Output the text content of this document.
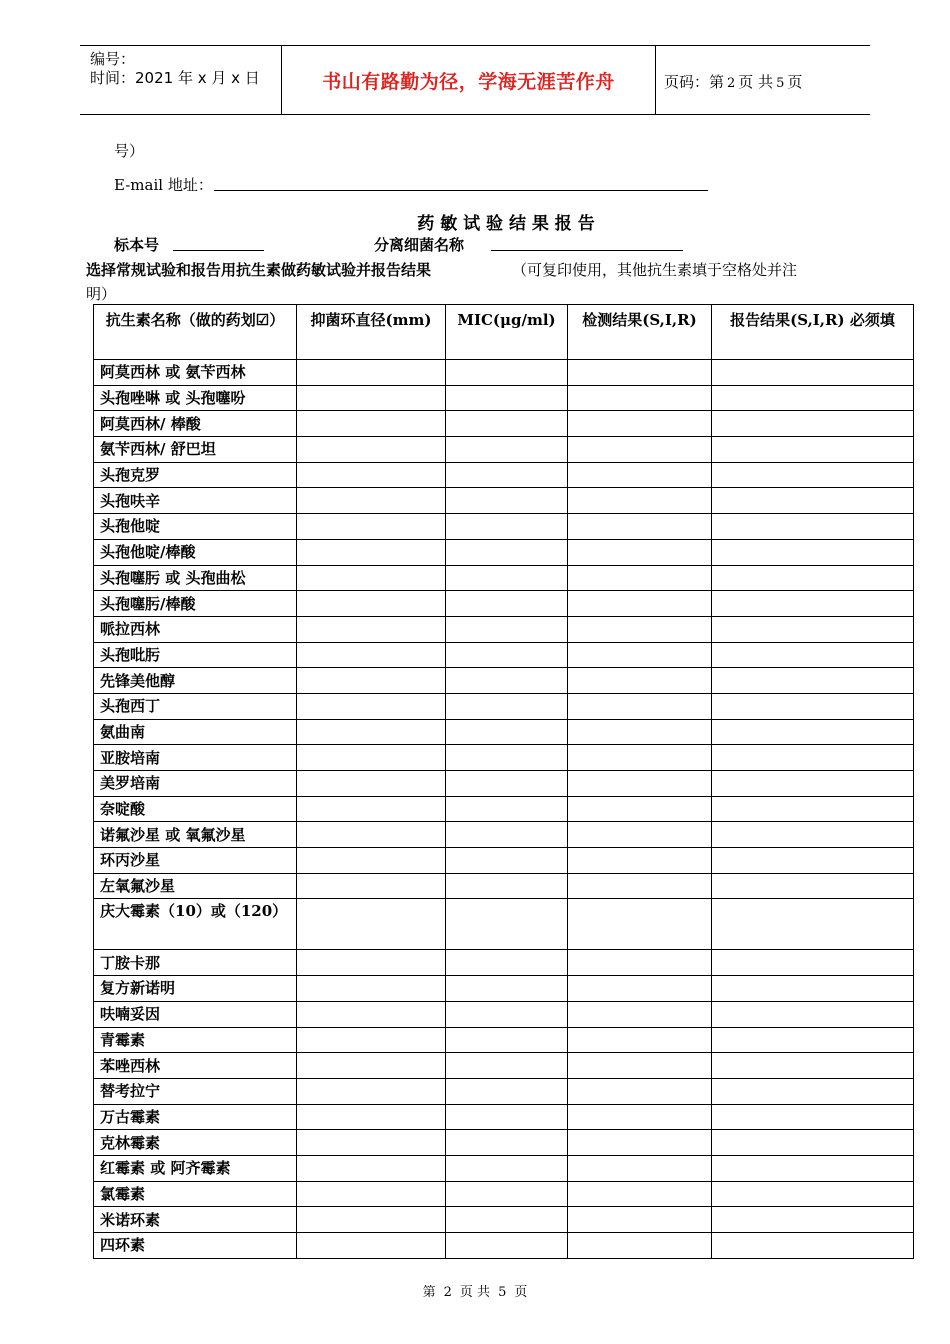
编号：
时间：2021 年 x 月 x 日	书山有路勤为径，学海无涯苦作舟	页码：第 2 页 共 5 页
号）
E-mail 地址：
药 敏 试 验 结 果 报 告
标本号	分离细菌名称
选择常规试验和报告用抗生素做药敏试验并报告结果	（可复印使用，其他抗生素填于空格处并注
明）
抗生素名称（做的药划☑）	抑菌环直径(mm)	MIC(μg/ml)	检测结果(S,I,R)	报告结果(S,I,R) 必须填
阿莫西林 或 氨苄西林				
头孢唑啉 或 头孢噻吩				
阿莫西林/ 棒酸				
氨苄西林/ 舒巴坦				
头孢克罗				
头孢呋辛				
头孢他啶				
头孢他啶/棒酸				
头孢噻肟 或 头孢曲松				
头孢噻肟/棒酸				
哌拉西林				
头孢吡肟				
先锋美他醇				
头孢西丁				
氨曲南				
亚胺培南				
美罗培南				
奈啶酸				
诺氟沙星 或 氧氟沙星				
环丙沙星				
左氧氟沙星				
庆大霉素（10）或（120）				
丁胺卡那				
复方新诺明				
呋喃妥因				
青霉素				
苯唑西林				
替考拉宁				
万古霉素				
克林霉素				
红霉素 或 阿齐霉素				
氯霉素				
米诺环素				
四环素				
第 2 页 共 5 页
